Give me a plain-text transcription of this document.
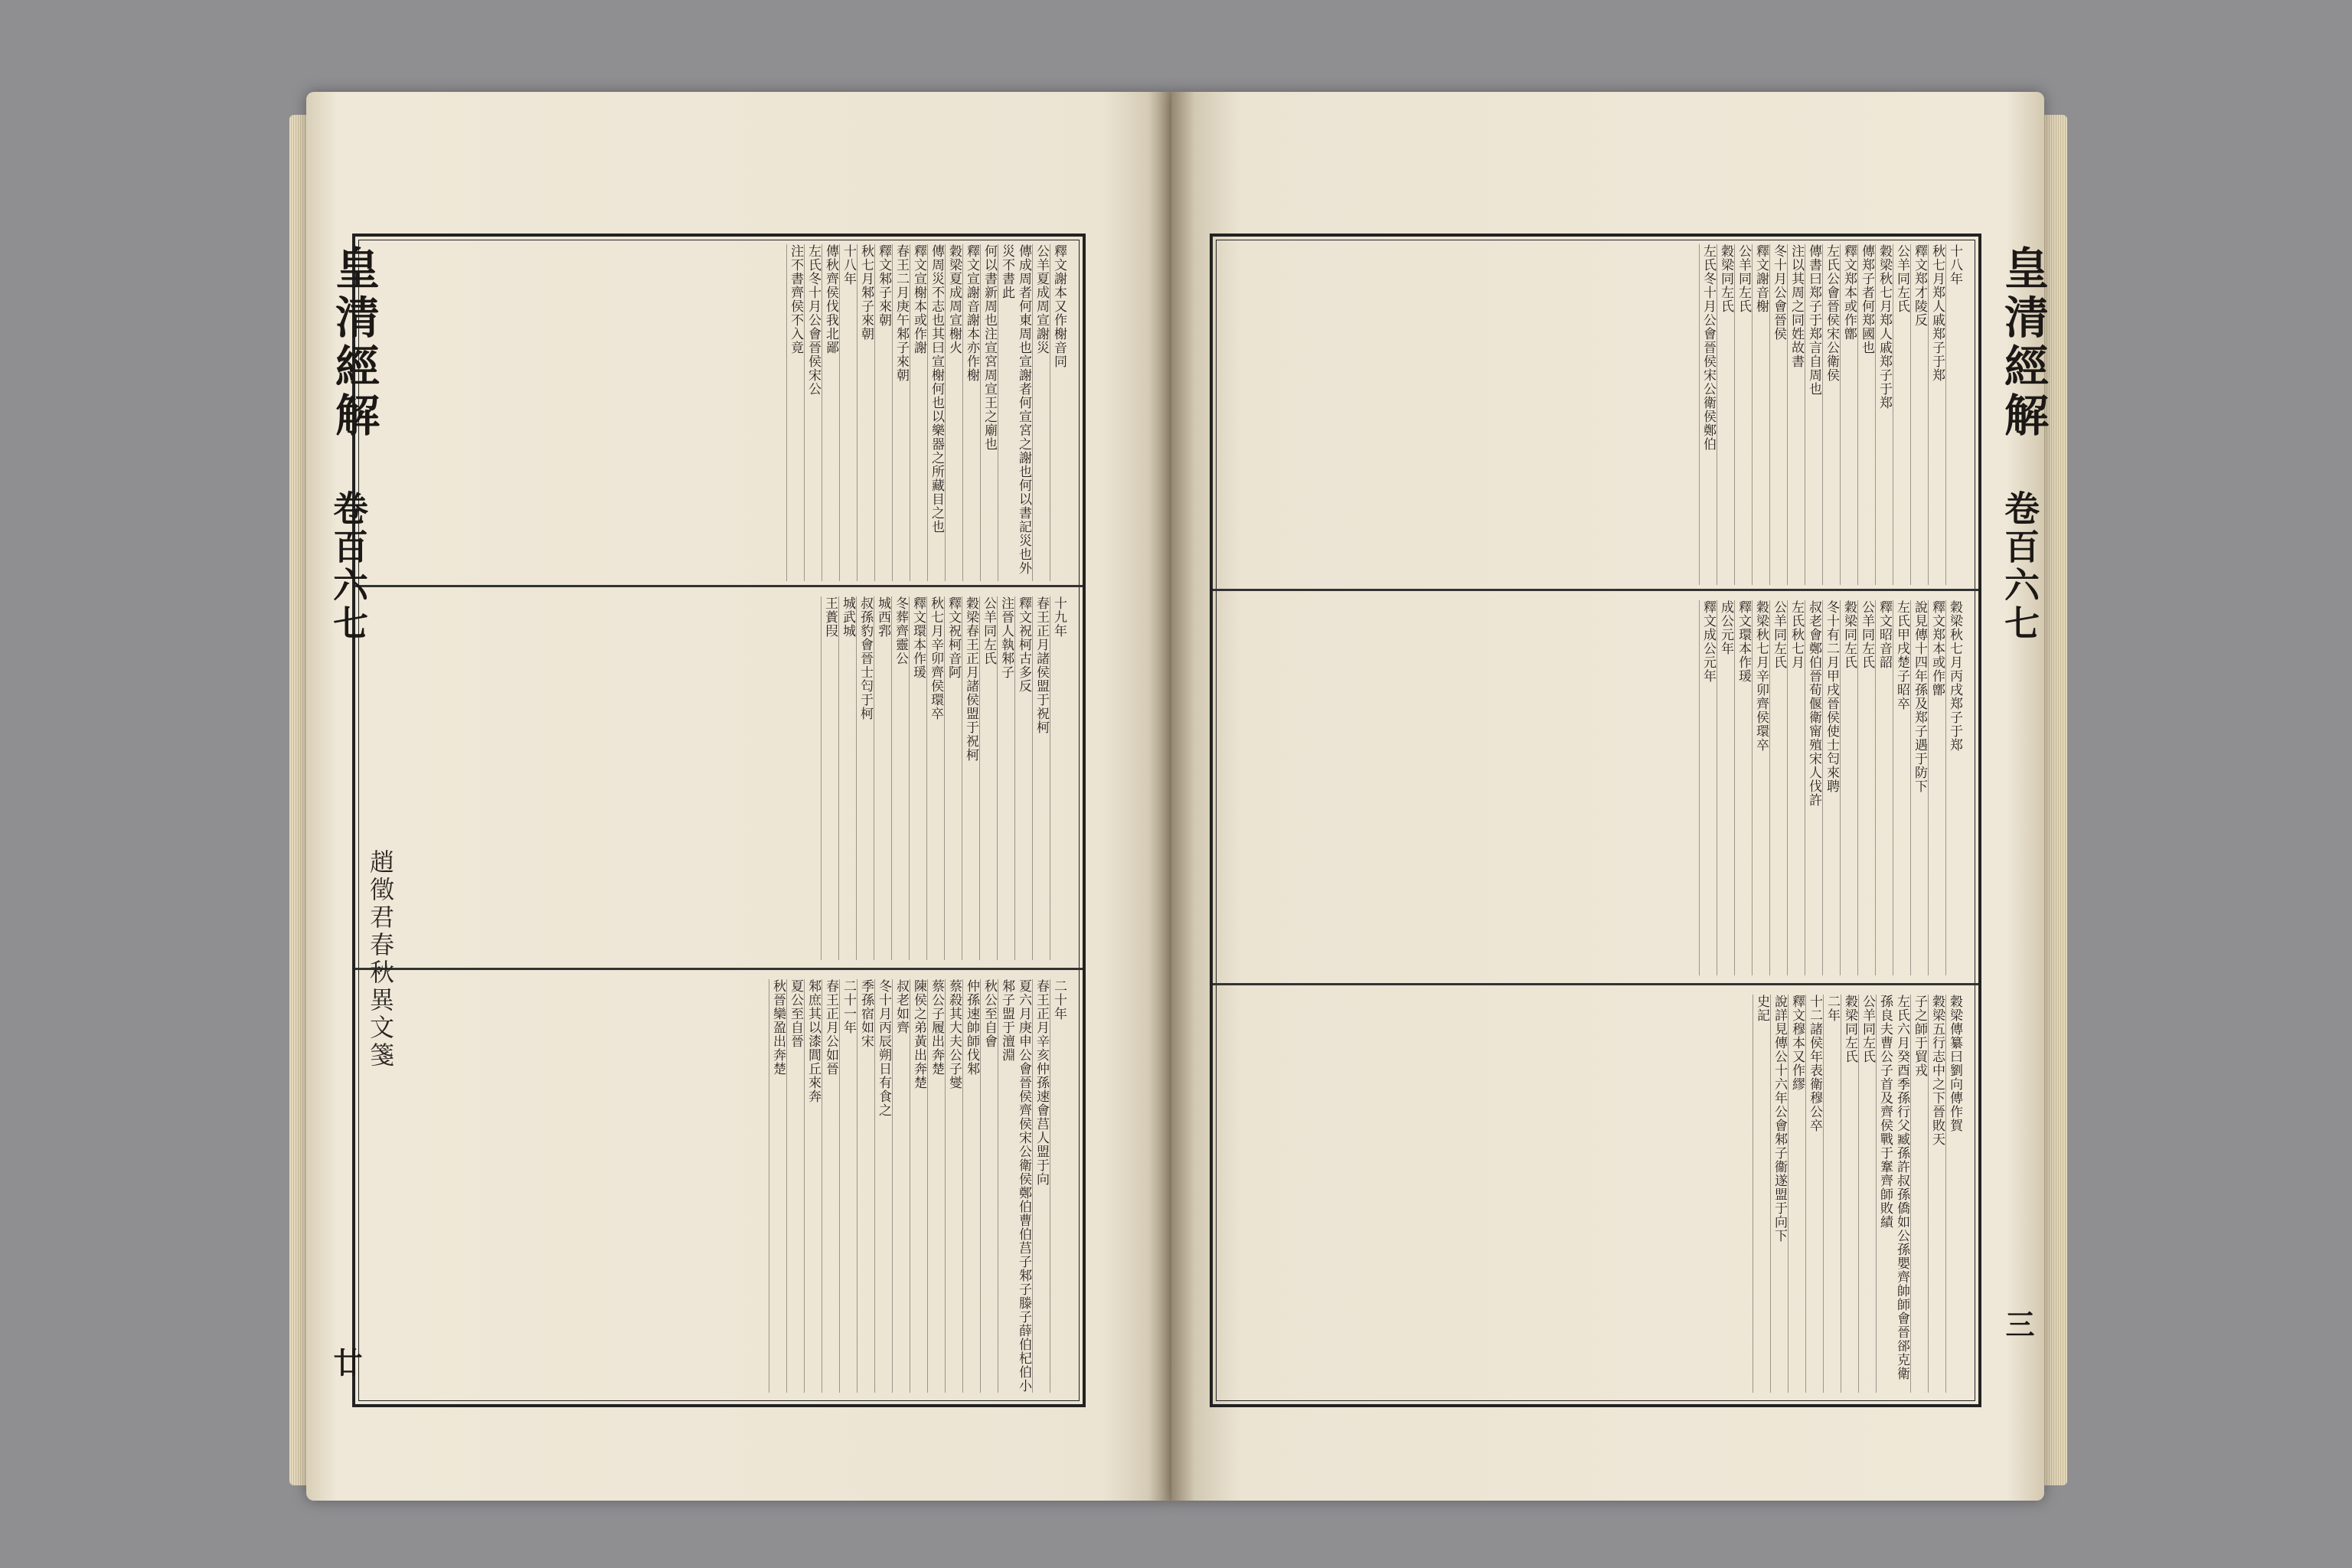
釋文謝本又作榭音同
公羊夏成周宣謝災
傳成周者何東周也宣謝者何宣宮之謝也何以書記災也外災不書此
何以書新周也注宣宮周宣王之廟也
釋文宣謝音謝本亦作榭
穀梁夏成周宣榭火
傳周災不志也其曰宣榭何也以樂器之所藏目之也
釋文宣榭本或作謝
春王二月庚午邾子來朝
釋文邾子來朝
秋七月邾子來朝
十八年
傳秋齊侯伐我北鄙
左氏冬十月公會晉侯宋公
注不書齊侯不入竟
十九年
春王正月諸侯盟于祝柯
釋文祝柯古多反
注晉人執邾子
公羊同左氏
穀梁春王正月諸侯盟于祝柯
釋文祝柯音阿
秋七月辛卯齊侯環卒
釋文環本作瑗
冬葬齊靈公
城西郛
叔孫豹會晉士匄于柯
城武城
王蕢叚
二十年
春王正月辛亥仲孫速會莒人盟于向
夏六月庚申公會晉侯齊侯宋公衛侯鄭伯曹伯莒子邾子滕子薛伯杞伯小邾子盟于澶淵
秋公至自會
仲孫速帥師伐邾
蔡殺其大夫公子燮
蔡公子履出奔楚
陳侯之弟黃出奔楚
叔老如齊
冬十月丙辰朔日有食之
季孫宿如宋
二十一年
春王正月公如晉
邾庶其以漆閭丘來奔
夏公至自晉
秋晉欒盈出奔楚
趙徵君春秋異文箋
皇清經解
卷百六七
廿
十八年
秋七月郑人戚郑子于郑
釋文郑才陵反
公羊同左氏
穀梁秋七月郑人戚郑子于郑
傳郑子者何郑國也
釋文郑本或作鄫
左氏公會晉侯宋公衛侯
傳書曰郑子于郑言自周也
注以其周之同姓故書
冬十月公會晉侯
釋文謝音榭
公羊同左氏
穀梁同左氏
左氏冬十月公會晉侯宋公衛侯鄭伯
穀梁秋七月丙戌郑子于郑
釋文郑本或作鄫
說見傳十四年孫及郑子遇于防下
左氏甲戌楚子昭卒
釋文昭音韶
公羊同左氏
穀梁同左氏
冬十有二月甲戌晉侯使士匄來聘
叔老會鄭伯晉荀偃衛甯殖宋人伐許
左氏秋七月
公羊同左氏
穀梁秋七月辛卯齊侯環卒
釋文環本作瑗
成公元年
釋文成公元年
穀梁傳纂曰劉向傳作賀
穀梁五行志中之下晉敗天
子之師于貿戎
左氏六月癸酉季孫行父臧孫許叔孫僑如公孫嬰齊帥師會晉郤克衛孫良夫曹公子首及齊侯戰于鞌齊師敗績
公羊同左氏
穀梁同左氏
二年
十二諸侯年表衛穆公卒
釋文穆本又作繆
說詳見傳公十六年公會邾子衞遂盟于向下
史記
皇清經解
卷百六七
三
